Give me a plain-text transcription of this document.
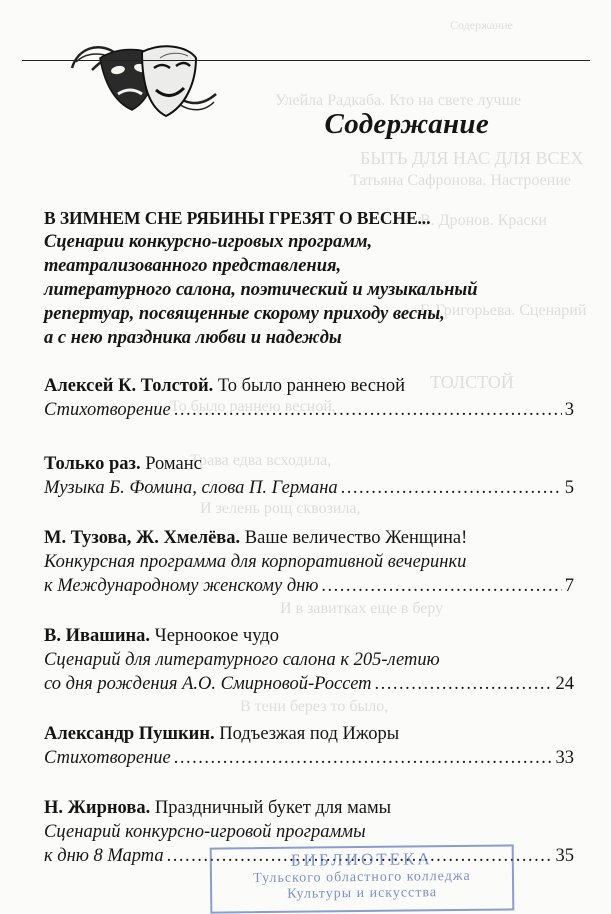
Содержание
Улейла Радкаба. Кто на свете лучше
БЫТЬ ДЛЯ НАС ДЛЯ ВСЕХ
Татьяна Сафронова. Настроение
В. Дронов. Краски
Г. Григорьева. Сценарий
ТОЛСТОЙ
То было раннею весной,
Трава едва всходила,
И зелень рощ сквозила,
И в завитках еще в беру
В тени берез то было,
Содержание
В ЗИМНЕМ СНЕ РЯБИНЫ ГРЕЗЯТ О ВЕСНЕ...
Сценарии конкурсно-игровых программ,
театрализованного представления,
литературного салона, поэтический и музыкальный
репертуар, посвященные скорому приходу весны,
а с нею праздника любви и надежды
Алексей К. Толстой. То было раннею весной
Стихотворение .....	3
Только раз. Романс
Музыка Б. Фомина, слова П. Германа .....	5
М. Тузова, Ж. Хмелёва. Ваше величество Женщина!
Конкурсная программа для корпоративной вечеринки
к Международному женскому дню .....	7
В. Ивашина. Черноокое чудо
Сценарий для литературного салона к 205-летию
со дня рождения А.О. Смирновой-Россет .....	24
Александр Пушкин. Подъезжая под Ижоры
Стихотворение .....	33
Н. Жирнова. Праздничный букет для мамы
Сценарий конкурсно-игровой программы
к дню 8 Марта .....	35
БИБЛИОТЕКА
Тульского областного колледжа
Культуры и искусства
